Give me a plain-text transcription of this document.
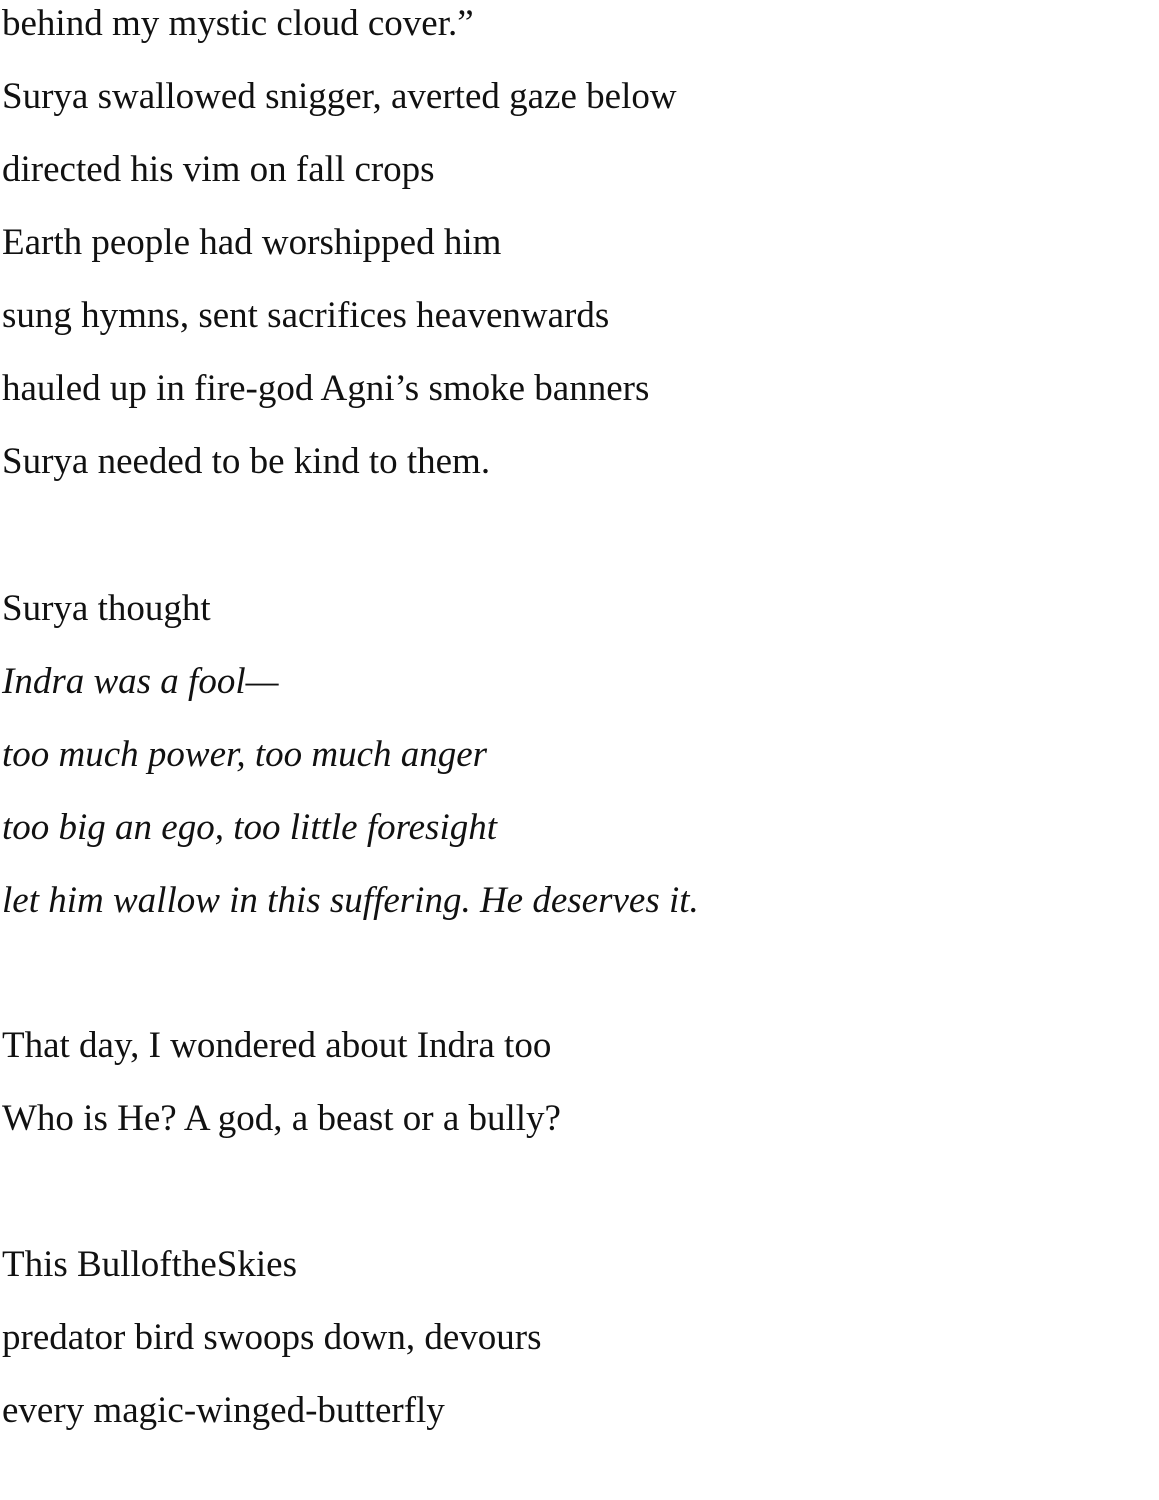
behind my mystic cloud cover.”

Surya swallowed snigger, averted gaze below

directed his vim on fall crops

Earth people had worshipped him

sung hymns, sent sacrifices heavenwards

hauled up in fire-god Agni’s smoke banners

Surya needed to be kind to them.

Surya thought

Indra was a fool—

too much power, too much anger

too big an ego, too little foresight

let him wallow in this suffering. He deserves it.

That day, I wondered about Indra too

Who is He? A god, a beast or a bully?

This BulloftheSkies

predator bird swoops down, devours

every magic-winged-butterfly
